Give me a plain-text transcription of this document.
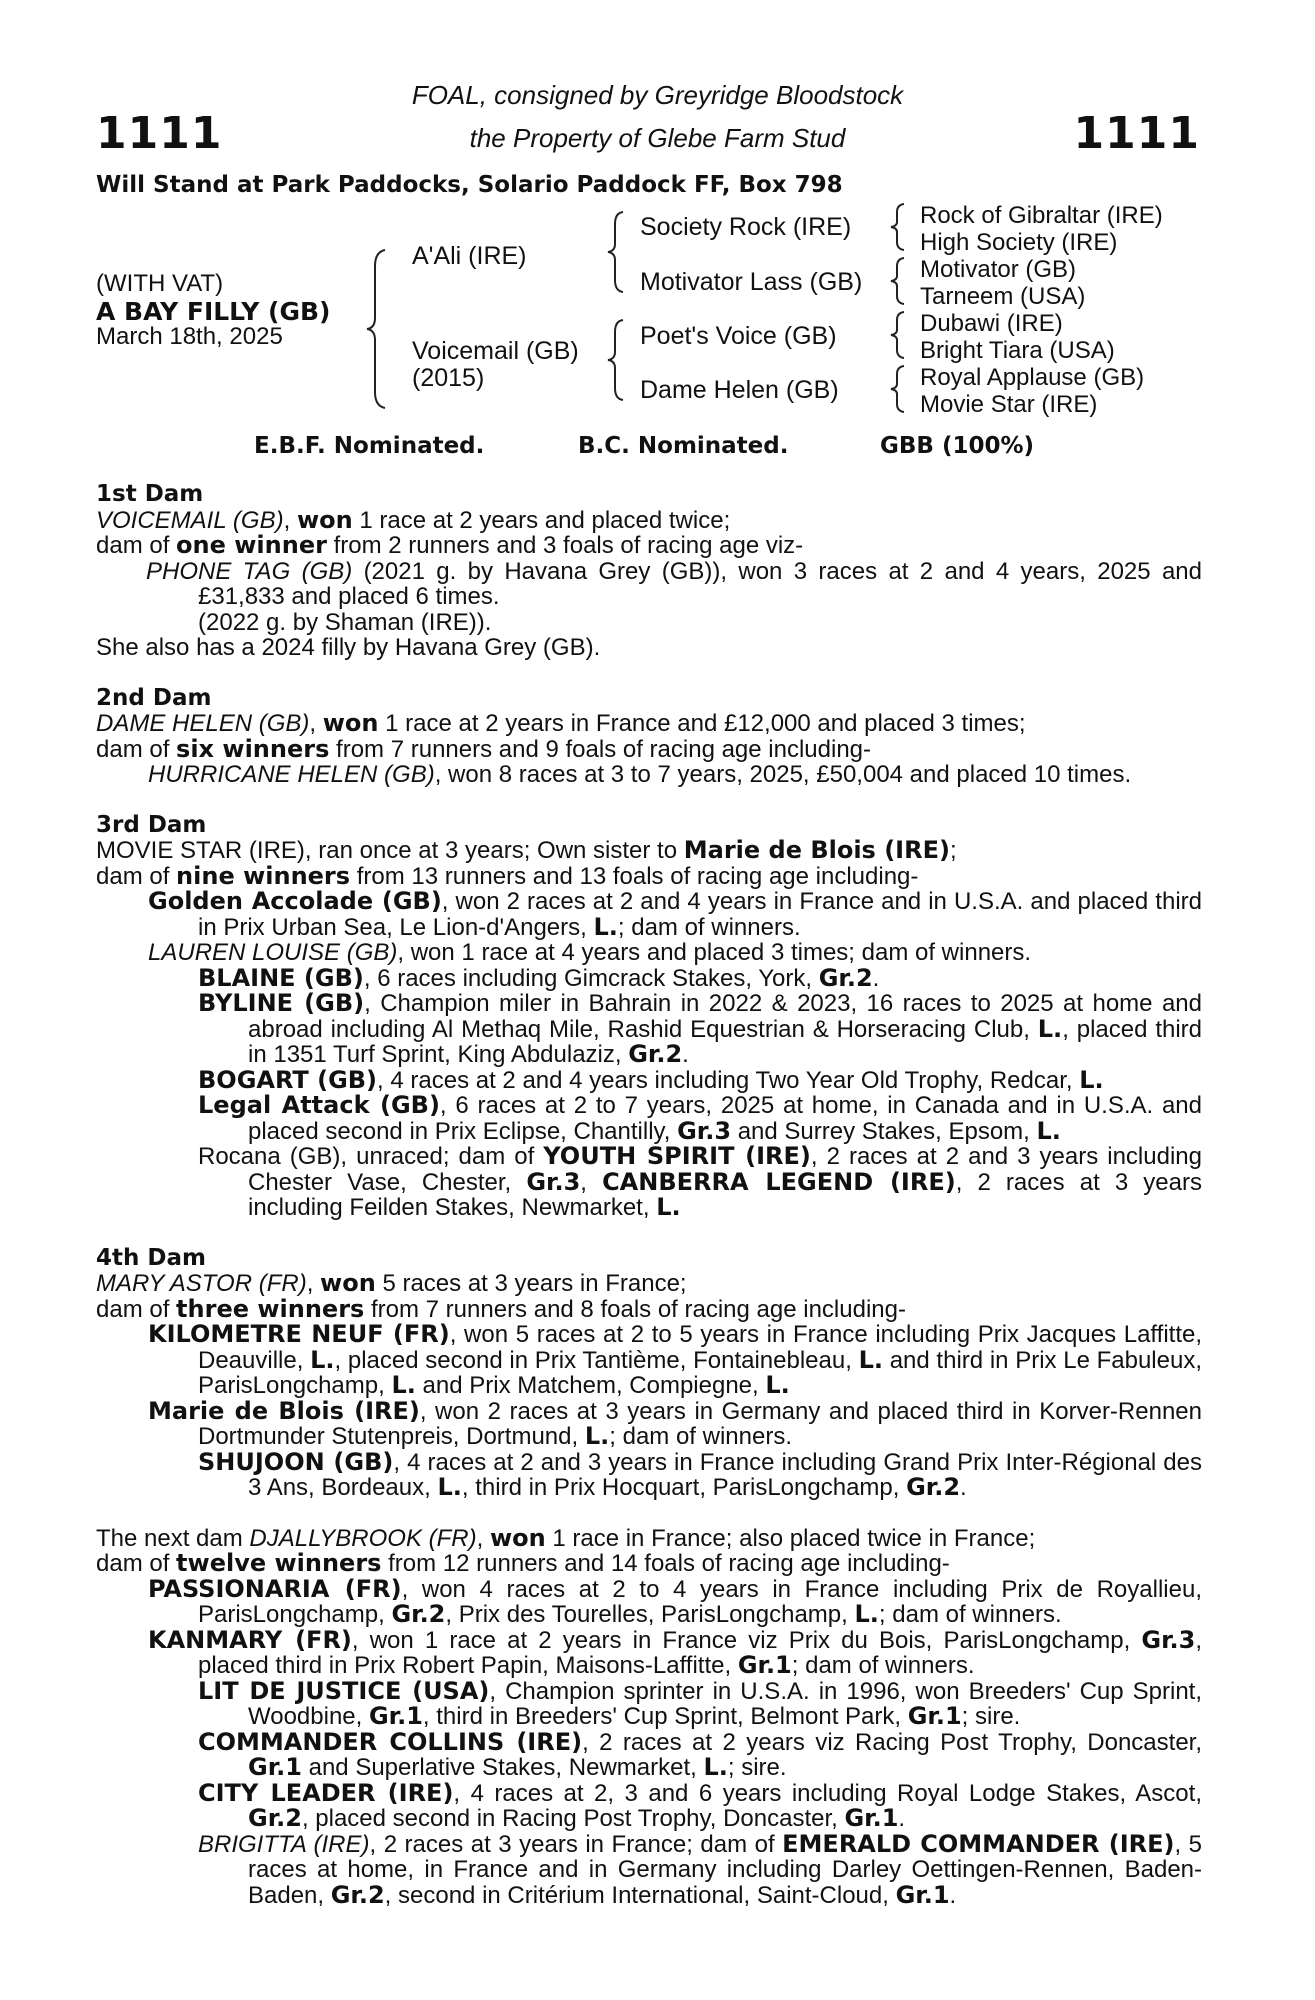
1111	1111
FOAL, consigned by Greyridge Bloodstock
the Property of Glebe Farm Stud
Will Stand at Park Paddocks, Solario Paddock FF, Box 798
(WITH VAT)
A BAY FILLY (GB)
March 18th, 2025
A'Ali (IRE)
Voicemail (GB)
(2015)
Society Rock (IRE)
Motivator Lass (GB)
Poet's Voice (GB)
Dame Helen (GB)
Rock of Gibraltar (IRE)
High Society (IRE)
Motivator (GB)
Tarneem (USA)
Dubawi (IRE)
Bright Tiara (USA)
Royal Applause (GB)
Movie Star (IRE)
E.B.F. Nominated.	B.C. Nominated.	GBB (100%)

1st Dam

VOICEMAIL (GB), won 1 race at 2 years and placed twice;

dam of one winner from 2 runners and 3 foals of racing age viz-

PHONE TAG (GB) (2021 g. by Havana Grey (GB)), won 3 races at 2 and 4 years, 2025 and £31,833 and placed 6 times.

(2022 g. by Shaman (IRE)).

She also has a 2024 filly by Havana Grey (GB).

2nd Dam

DAME HELEN (GB), won 1 race at 2 years in France and £12,000 and placed 3 times;

dam of six winners from 7 runners and 9 foals of racing age including-

HURRICANE HELEN (GB), won 8 races at 3 to 7 years, 2025, £50,004 and placed 10 times.

3rd Dam

MOVIE STAR (IRE), ran once at 3 years; Own sister to Marie de Blois (IRE);

dam of nine winners from 13 runners and 13 foals of racing age including-

Golden Accolade (GB), won 2 races at 2 and 4 years in France and in U.S.A. and placed third in Prix Urban Sea, Le Lion-d'Angers, L.; dam of winners.

LAUREN LOUISE (GB), won 1 race at 4 years and placed 3 times; dam of winners.

BLAINE (GB), 6 races including Gimcrack Stakes, York, Gr.2.

BYLINE (GB), Champion miler in Bahrain in 2022 & 2023, 16 races to 2025 at home and abroad including Al Methaq Mile, Rashid Equestrian & Horseracing Club, L., placed third in 1351 Turf Sprint, King Abdulaziz, Gr.2.

BOGART (GB), 4 races at 2 and 4 years including Two Year Old Trophy, Redcar, L.

Legal Attack (GB), 6 races at 2 to 7 years, 2025 at home, in Canada and in U.S.A. and placed second in Prix Eclipse, Chantilly, Gr.3 and Surrey Stakes, Epsom, L.

Rocana (GB), unraced; dam of YOUTH SPIRIT (IRE), 2 races at 2 and 3 years including Chester Vase, Chester, Gr.3, CANBERRA LEGEND (IRE), 2 races at 3 years including Feilden Stakes, Newmarket, L.

4th Dam

MARY ASTOR (FR), won 5 races at 3 years in France;

dam of three winners from 7 runners and 8 foals of racing age including-

KILOMETRE NEUF (FR), won 5 races at 2 to 5 years in France including Prix Jacques Laffitte, Deauville, L., placed second in Prix Tantième, Fontainebleau, L. and third in Prix Le Fabuleux, ParisLongchamp, L. and Prix Matchem, Compiegne, L.

Marie de Blois (IRE), won 2 races at 3 years in Germany and placed third in Korver-Rennen Dortmunder Stutenpreis, Dortmund, L.; dam of winners.

SHUJOON (GB), 4 races at 2 and 3 years in France including Grand Prix Inter-Régional des 3 Ans, Bordeaux, L., third in Prix Hocquart, ParisLongchamp, Gr.2.

The next dam DJALLYBROOK (FR), won 1 race in France; also placed twice in France;

dam of twelve winners from 12 runners and 14 foals of racing age including-

PASSIONARIA (FR), won 4 races at 2 to 4 years in France including Prix de Royallieu, ParisLongchamp, Gr.2, Prix des Tourelles, ParisLongchamp, L.; dam of winners.

KANMARY (FR), won 1 race at 2 years in France viz Prix du Bois, ParisLongchamp, Gr.3, placed third in Prix Robert Papin, Maisons-Laffitte, Gr.1; dam of winners.

LIT DE JUSTICE (USA), Champion sprinter in U.S.A. in 1996, won Breeders' Cup Sprint, Woodbine, Gr.1, third in Breeders' Cup Sprint, Belmont Park, Gr.1; sire.

COMMANDER COLLINS (IRE), 2 races at 2 years viz Racing Post Trophy, Doncaster, Gr.1 and Superlative Stakes, Newmarket, L.; sire.

CITY LEADER (IRE), 4 races at 2, 3 and 6 years including Royal Lodge Stakes, Ascot, Gr.2, placed second in Racing Post Trophy, Doncaster, Gr.1.

BRIGITTA (IRE), 2 races at 3 years in France; dam of EMERALD COMMANDER (IRE), 5 races at home, in France and in Germany including Darley Oettingen-Rennen, Baden-Baden, Gr.2, second in Critérium International, Saint-Cloud, Gr.1.
